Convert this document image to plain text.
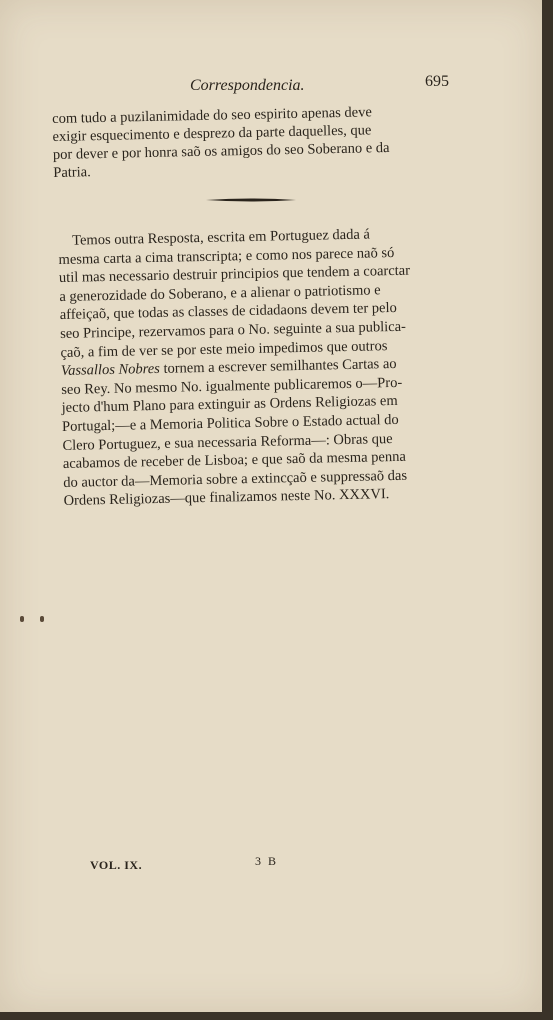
Correspondencia.	695
com tudo a puzilanimidade do seo espirito apenas deve
exigir esquecimento e desprezo da parte daquelles, que
por dever e por honra saõ os amigos do seo Soberano e da
Patria.
Temos outra Resposta, escrita em Portuguez dada á
mesma carta a cima transcripta; e como nos parece naõ só
util mas necessario destruir principios que tendem a coarctar
a generozidade do Soberano, e a alienar o patriotismo e
affeiçaõ, que todas as classes de cidadaons devem ter pelo
seo Principe, rezervamos para o No. seguinte a sua publica-
çaõ, a fim de ver se por este meio impedimos que outros
Vassallos Nobres tornem a escrever semilhantes Cartas ao
seo Rey. No mesmo No. igualmente publicaremos o—Pro-
jecto d'hum Plano para extinguir as Ordens Religiozas em
Portugal;—e a Memoria Politica Sobre o Estado actual do
Clero Portuguez, e sua necessaria Reforma—: Obras que
acabamos de receber de Lisboa; e que saõ da mesma penna
do auctor da—Memoria sobre a extincçaõ e suppressaõ das
Ordens Religiozas—que finalizamos neste No. XXXVI.
VOL. IX.	3 B
